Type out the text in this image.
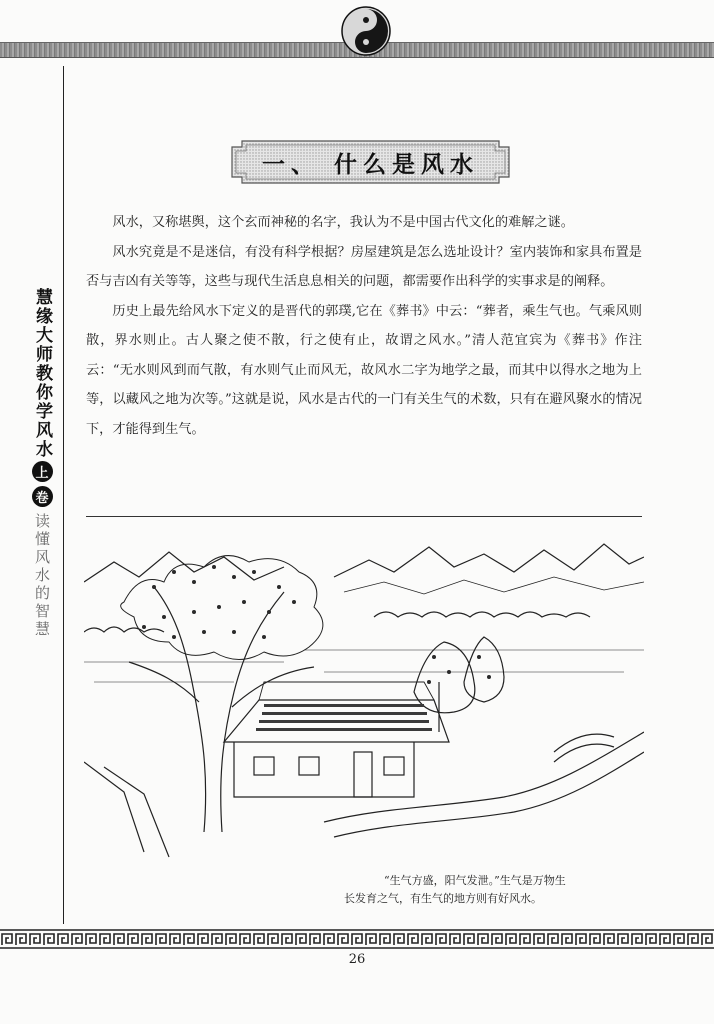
慧缘大师教你学风水
上
卷
读懂风水的智慧
一、 什么是风水

风水，又称堪舆，这个玄而神秘的名字，我认为不是中国古代文化的难解之谜。

风水究竟是不是迷信，有没有科学根据？房屋建筑是怎么选址设计？室内装饰和家具布置是否与吉凶有关等等，这些与现代生活息息相关的问题，都需要作出科学的实事求是的阐释。

历史上最先给风水下定义的是晋代的郭璞,它在《葬书》中云：“葬者，乘生气也。气乘风则散，界水则止。古人聚之使不散，行之使有止，故谓之风水。”清人范宜宾为《葬书》作注云：“无水则风到而气散，有水则气止而风无，故风水二字为地学之最，而其中以得水之地为上等，以藏风之地为次等。”这就是说，风水是古代的一门有关生气的术数，只有在避风聚水的情况下，才能得到生气。

“生气方盛，阳气发泄。”生气是万物生
长发育之气，有生气的地方则有好风水。
26
